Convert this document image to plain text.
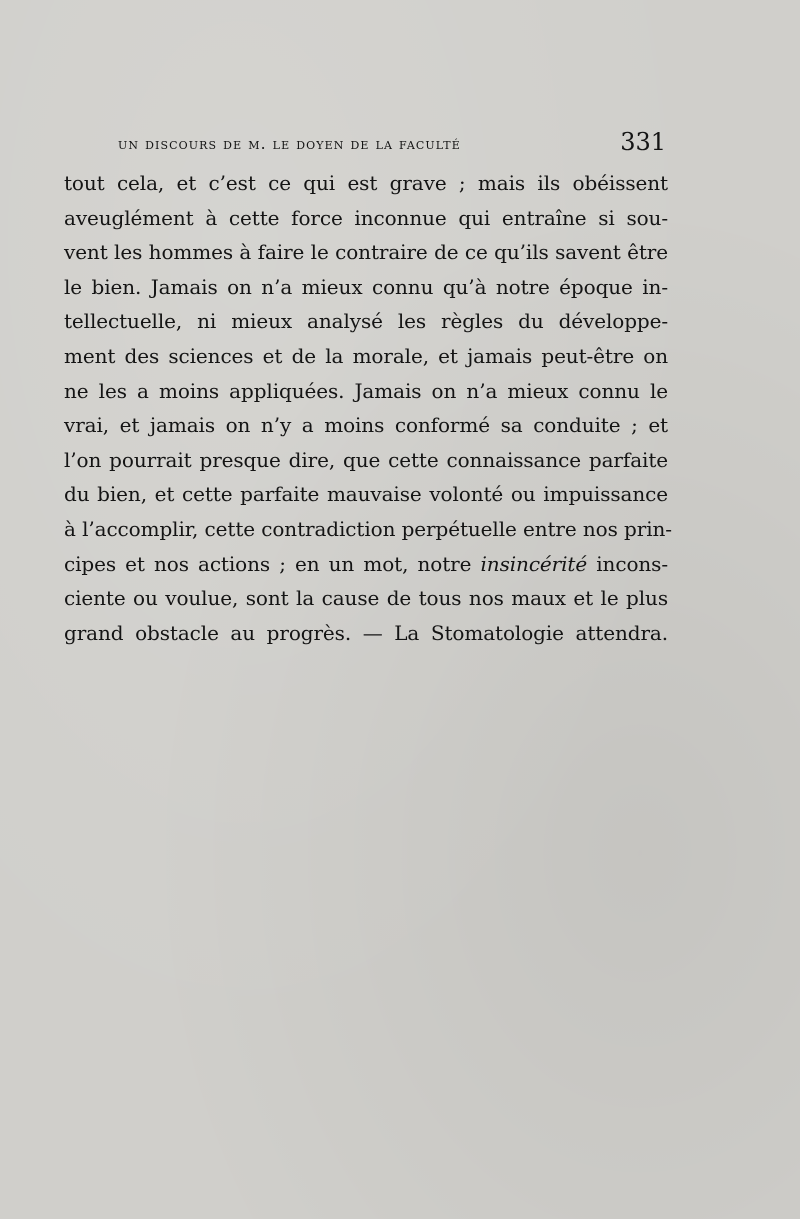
un discours de m. le doyen de la faculté	331

tout cela, et c’est ce qui est grave ; mais ils obéissent
aveuglément à cette force inconnue qui entraîne si sou-
vent les hommes à faire le contraire de ce qu’ils savent être
le bien. Jamais on n’a mieux connu qu’à notre époque in-
tellectuelle, ni mieux analysé les règles du développe-
ment des sciences et de la morale, et jamais peut-être on
ne les a moins appliquées. Jamais on n’a mieux connu le
vrai, et jamais on n’y a moins conformé sa conduite ; et
l’on pourrait presque dire, que cette connaissance parfaite
du bien, et cette parfaite mauvaise volonté ou impuissance
à l’accomplir, cette contradiction perpétuelle entre nos prin-
cipes et nos actions ; en un mot, notre insincérité incons-
ciente ou voulue, sont la cause de tous nos maux et le plus
grand obstacle au progrès. — La Stomatologie attendra.
